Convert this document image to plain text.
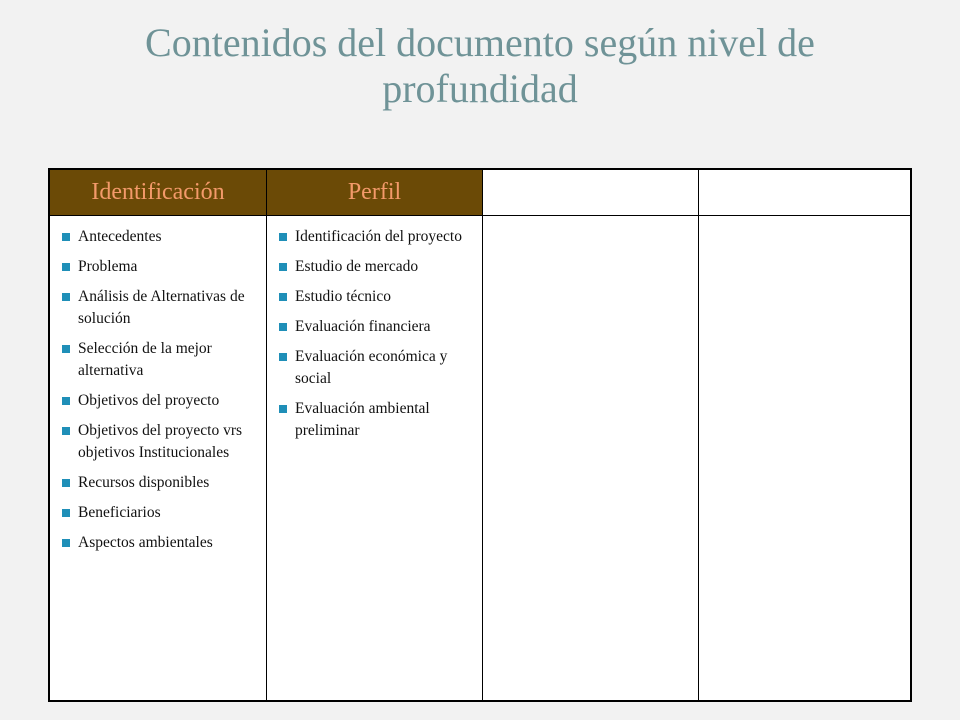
Contenidos del documento según nivel de profundidad
Identificación	Perfil
Antecedentes
Problema
Análisis de Alternativas de solución
Selección de la mejor alternativa
Objetivos del proyecto
Objetivos del proyecto vrs objetivos Institucionales
Recursos disponibles
Beneficiarios
Aspectos ambientales
Identificación del proyecto
Estudio de mercado
Estudio técnico
Evaluación financiera
Evaluación económica y social
Evaluación ambiental preliminar
